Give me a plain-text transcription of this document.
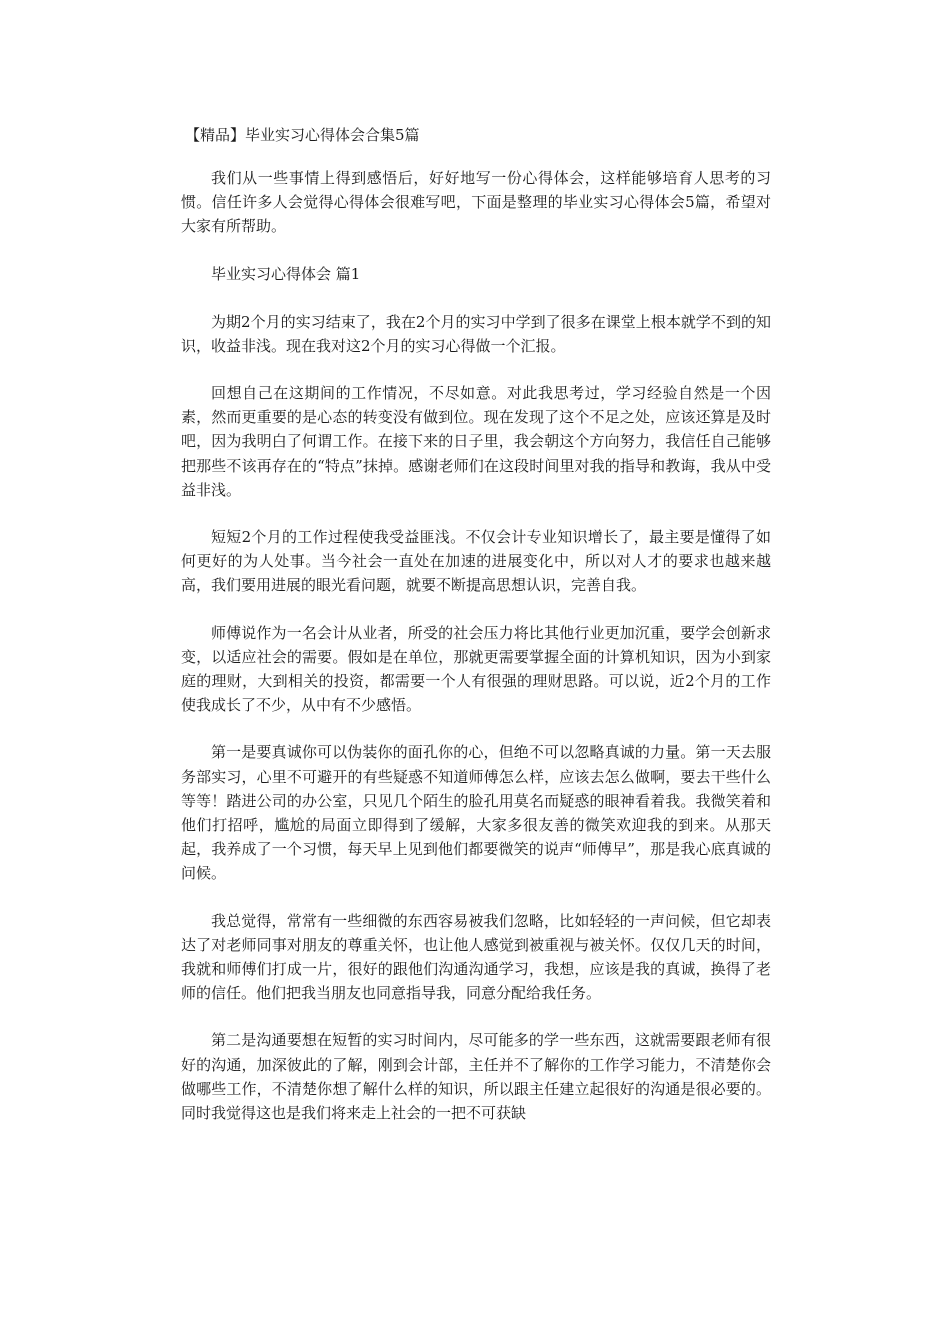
【精品】毕业实习心得体会合集5篇

我们从一些事情上得到感悟后，好好地写一份心得体会，这样能够培育人思考的习惯。信任许多人会觉得心得体会很难写吧，下面是整理的毕业实习心得体会5篇，希望对大家有所帮助。

毕业实习心得体会 篇1

为期2个月的实习结束了，我在2个月的实习中学到了很多在课堂上根本就学不到的知识，收益非浅。现在我对这2个月的实习心得做一个汇报。

回想自己在这期间的工作情况，不尽如意。对此我思考过，学习经验自然是一个因素，然而更重要的是心态的转变没有做到位。现在发现了这个不足之处，应该还算是及时吧，因为我明白了何谓工作。在接下来的日子里，我会朝这个方向努力，我信任自己能够把那些不该再存在的“特点”抹掉。感谢老师们在这段时间里对我的指导和教诲，我从中受益非浅。

短短2个月的工作过程使我受益匪浅。不仅会计专业知识增长了，最主要是懂得了如何更好的为人处事。当今社会一直处在加速的进展变化中，所以对人才的要求也越来越高，我们要用进展的眼光看问题，就要不断提高思想认识，完善自我。

师傅说作为一名会计从业者，所受的社会压力将比其他行业更加沉重，要学会创新求变，以适应社会的需要。假如是在单位，那就更需要掌握全面的计算机知识，因为小到家庭的理财，大到相关的投资，都需要一个人有很强的理财思路。可以说，近2个月的工作使我成长了不少，从中有不少感悟。

第一是要真诚你可以伪装你的面孔你的心，但绝不可以忽略真诚的力量。第一天去服务部实习，心里不可避开的有些疑惑不知道师傅怎么样，应该去怎么做啊，要去干些什么等等！踏进公司的办公室，只见几个陌生的脸孔用莫名而疑惑的眼神看着我。我微笑着和他们打招呼，尴尬的局面立即得到了缓解，大家多很友善的微笑欢迎我的到来。从那天起，我养成了一个习惯，每天早上见到他们都要微笑的说声“师傅早”，那是我心底真诚的问候。

我总觉得，常常有一些细微的东西容易被我们忽略，比如轻轻的一声问候，但它却表达了对老师同事对朋友的尊重关怀，也让他人感觉到被重视与被关怀。仅仅几天的时间，我就和师傅们打成一片，很好的跟他们沟通沟通学习，我想，应该是我的真诚，换得了老师的信任。他们把我当朋友也同意指导我，同意分配给我任务。

第二是沟通要想在短暂的实习时间内，尽可能多的学一些东西，这就需要跟老师有很好的沟通，加深彼此的了解，刚到会计部，主任并不了解你的工作学习能力，不清楚你会做哪些工作，不清楚你想了解什么样的知识，所以跟主任建立起很好的沟通是很必要的。同时我觉得这也是我们将来走上社会的一把不可获缺
